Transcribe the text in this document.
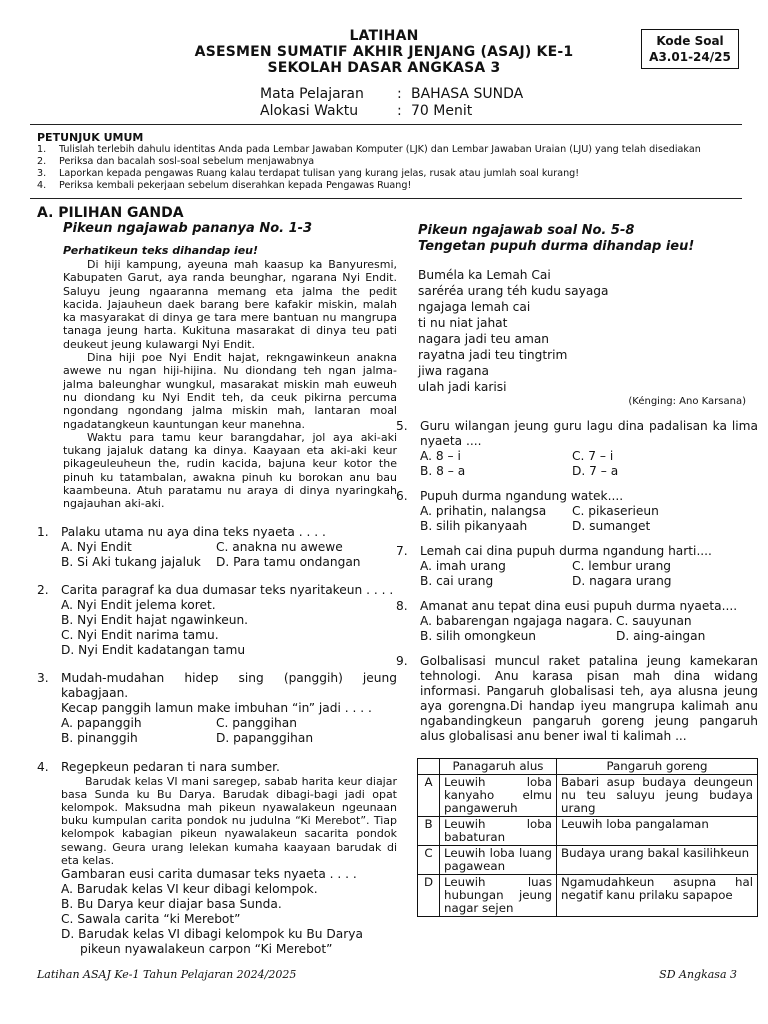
LATIHAN
ASESMEN SUMATIF AKHIR JENJANG (ASAJ) KE-1
SEKOLAH DASAR ANGKASA 3
Kode Soal
A3.01-24/25
Mata Pelajaran	: BAHASA SUNDA
Alokasi Waktu	: 70 Menit
PETUNJUK UMUM
1.	Tulislah terlebih dahulu identitas Anda pada Lembar Jawaban Komputer (LJK) dan Lembar Jawaban Uraian (LJU) yang telah disediakan
2.	Periksa dan bacalah sosl-soal sebelum menjawabnya
3.	Laporkan kepada pengawas Ruang kalau terdapat tulisan yang kurang jelas, rusak atau jumlah soal kurang!
4.	Periksa kembali pekerjaan sebelum diserahkan kepada Pengawas Ruang!
A. PILIHAN GANDA
Pikeun ngajawab pananya No. 1-3
Perhatikeun teks dihandap ieu!

Di hiji kampung, ayeuna mah kaasup ka Banyuresmi, Kabupaten Garut, aya randa beunghar, ngarana Nyi Endit. Saluyu jeung ngaaranna memang eta jalma the pedit kacida. Jajauheun daek barang bere kafakir miskin, malah ka masyarakat di dinya ge tara mere bantuan nu mangrupa tanaga jeung harta. Kukituna masarakat di dinya teu pati deukeut jeung kulawargi Nyi Endit.

Dina hiji poe Nyi Endit hajat, rekngawinkeun anakna awewe nu ngan hiji-hijina. Nu diondang teh ngan jalma-jalma baleunghar wungkul, masarakat miskin mah euweuh nu diondang ku Nyi Endit teh, da ceuk pikirna percuma ngondang ngondang jalma miskin mah, lantaran moal ngadatangkeun kauntungan keur manehna.

Waktu para tamu keur barangdahar, jol aya aki-aki tukang jajaluk datang ka dinya. Kaayaan eta aki-aki keur pikageuleuheun the, rudin kacida, bajuna keur kotor the pinuh ku tatambalan, awakna pinuh ku borokan anu bau kaambeuna. Atuh paratamu nu araya di dinya nyaringkah ngajauhan aki-aki.

1.	Palaku utama nu aya dina teks nyaeta . . . .
A. Nyi Endit	C. anakna nu awewe
B. Si Aki tukang jajaluk	D. Para tamu ondangan
2.	Carita paragraf ka dua dumasar teks nyaritakeun . . . .
A. Nyi Endit jelema koret.
B. Nyi Endit hajat ngawinkeun.
C. Nyi Endit narima tamu.
D. Nyi Endit kadatangan tamu
3.	Mudah-mudahan hidep sing (panggih) jeung kabagjaan.
Kecap panggih lamun make imbuhan “in” jadi . . . .
A. papanggih	C. panggihan
B. pinanggih	D. papanggihan
4.	Regepkeun pedaran ti nara sumber.
Barudak kelas VI mani saregep, sabab harita keur diajar basa Sunda ku Bu Darya. Barudak dibagi-bagi jadi opat kelompok. Maksudna mah pikeun nyawalakeun ngeunaan buku kumpulan carita pondok nu judulna “Ki Merebot”. Tiap kelompok kabagian pikeun nyawalakeun sacarita pondok sewang. Geura urang lelekan kumaha kaayaan barudak di eta kelas.
Gambaran eusi carita dumasar teks nyaeta . . . .
A. Barudak kelas VI keur dibagi kelompok.
B. Bu Darya keur diajar basa Sunda.
C. Sawala carita “ki Merebot”
D. Barudak kelas VI dibagi kelompok ku Bu Darya
pikeun nyawalakeun carpon “Ki Merebot”
Pikeun ngajawab soal No. 5-8
Tengetan pupuh durma dihandap ieu!
Buméla ka Lemah Cai
saréréa urang téh kudu sayaga
ngajaga lemah cai
ti nu niat jahat
nagara jadi teu aman
rayatna jadi teu tingtrim
jiwa ragana
ulah jadi karisi
(Kénging: Ano Karsana)
5.	Guru wilangan jeung guru lagu dina padalisan ka lima nyaeta ....
A. 8 – i	C. 7 – i
B. 8 – a	D. 7 – a
6.	Pupuh durma ngandung watek....
A. prihatin, nalangsa	C. pikaserieun
B. silih pikanyaah	D. sumanget
7.	Lemah cai dina pupuh durma ngandung harti....
A. imah urang	C. lembur urang
B. cai urang	D. nagara urang
8.	Amanat anu tepat dina eusi pupuh durma nyaeta....
A. babarengan ngajaga nagara. C. sauyunan
B. silih omongkeun	D. aing-aingan
9.	Golbalisasi muncul raket patalina jeung kamekaran tehnologi. Anu karasa pisan mah dina widang informasi. Pangaruh globalisasi teh, aya alusna jeung aya gorengna.Di handap iyeu mangrupa kalimah anu ngabandingkeun pangaruh goreng jeung pangaruh alus globalisasi anu bener iwal ti kalimah ...
	Panagaruh alus	Pangaruh goreng
A	Leuwih loba kanyaho elmu pangaweruh	Babari asup budaya deungeun nu teu saluyu jeung budaya urang
B	Leuwih loba babaturan	Leuwih loba pangalaman
C	Leuwih loba luang pagawean	Budaya urang bakal kasilihkeun
D	Leuwih luas hubungan jeung nagar sejen	Ngamudahkeun asupna hal negatif kanu prilaku sapapoe
Latihan ASAJ Ke-1 Tahun Pelajaran 2024/2025	SD Angkasa 3
